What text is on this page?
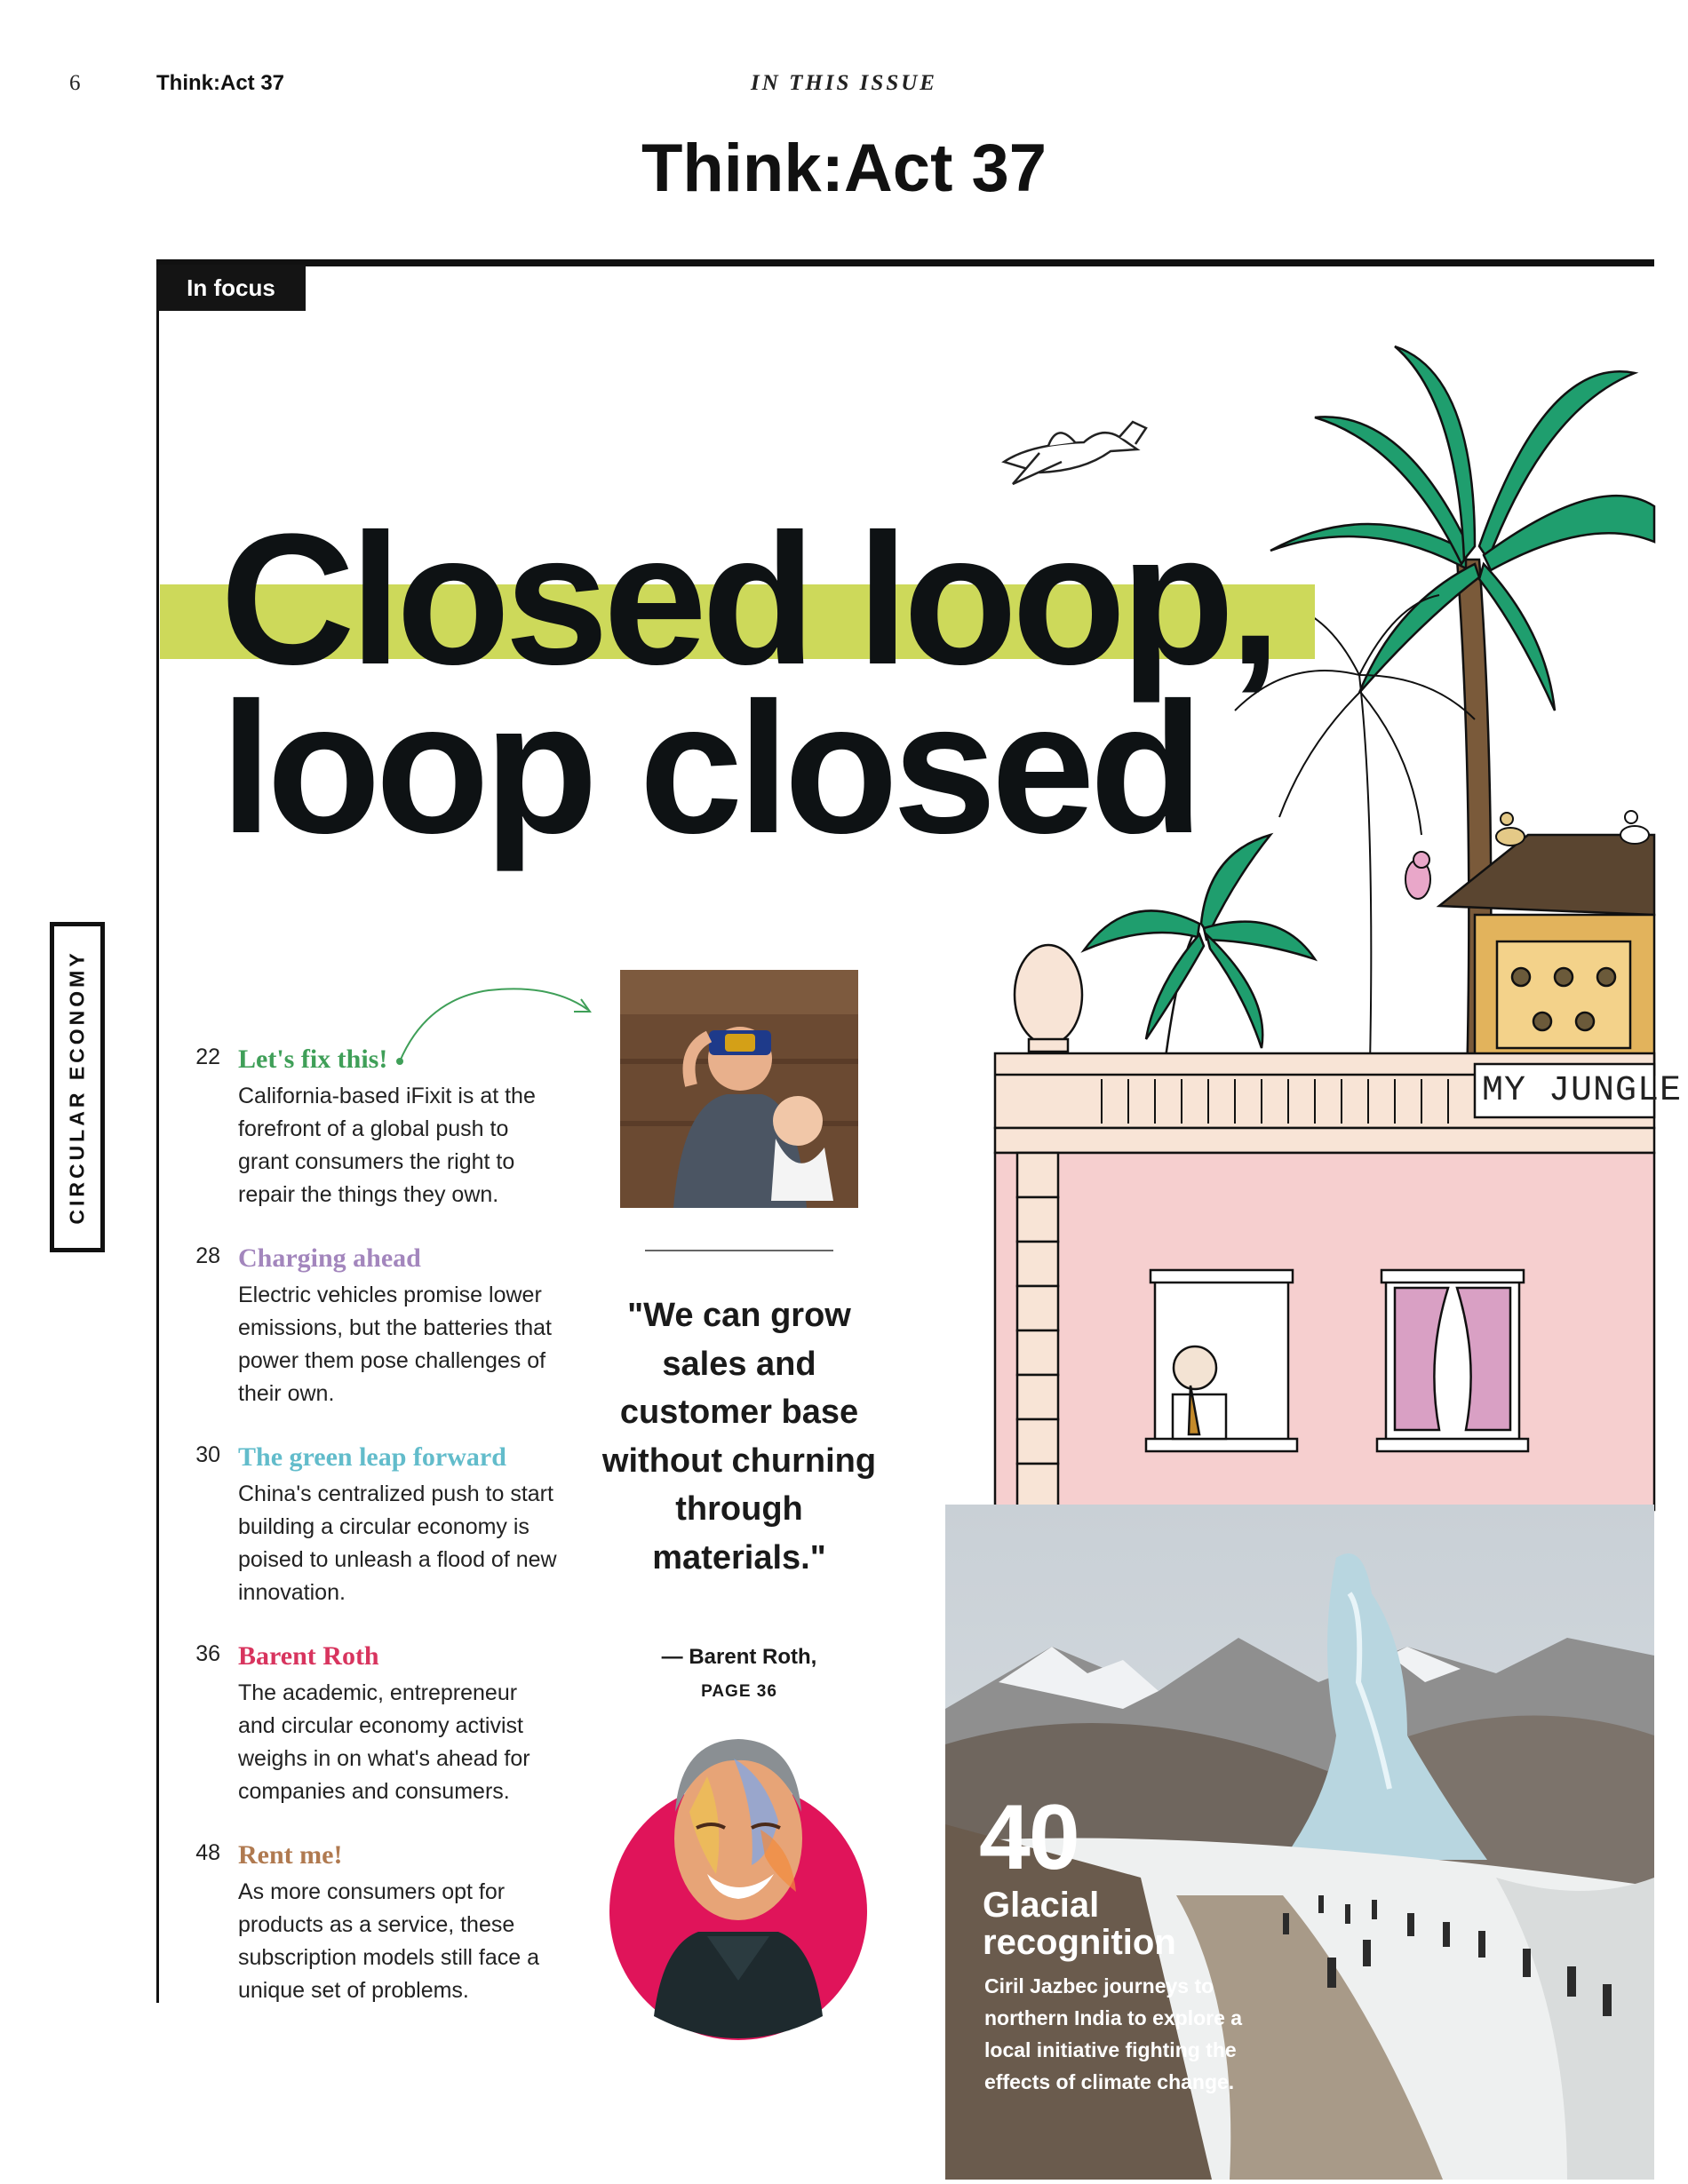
6	Think:Act 37	IN THIS ISSUE
Think:Act 37
In focus
CIRCULAR ECONOMY	MY JUNGLE
Closed loop,
loop closed
22 Let's fix this!
California-based iFixit is at the forefront of a global push to grant consumers the right to repair the things they own.
28 Charging ahead
Electric vehicles promise lower emissions, but the batteries that power them pose challenges of their own.
30 The green leap forward
China's centralized push to start building a circular economy is poised to unleash a flood of new innovation.
36 Barent Roth
The academic, entrepreneur and circular economy activist weighs in on what's ahead for companies and consumers.
48 Rent me!
As more consumers opt for products as a service, these subscription models still face a unique set of problems.
"We can grow sales and customer base without churning through materials."
— Barent Roth,
PAGE 36
40
Glacial recognition
Ciril Jazbec journeys to northern India to explore a local initiative fighting the effects of climate change.
